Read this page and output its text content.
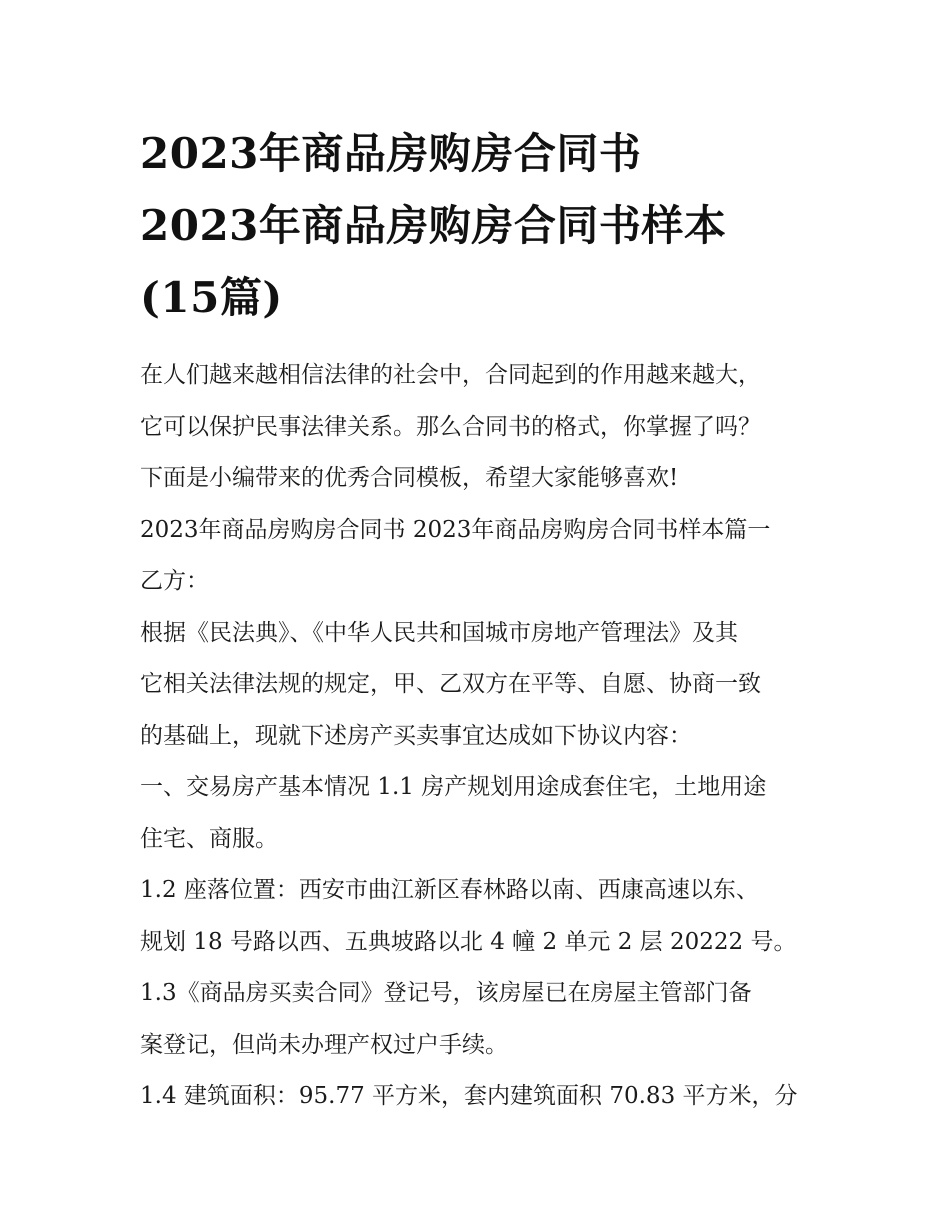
2023年商品房购房合同书
2023年商品房购房合同书样本
(15篇)

在人们越来越相信法律的社会中，合同起到的作用越来越大，

它可以保护民事法律关系。那么合同书的格式，你掌握了吗？

下面是小编带来的优秀合同模板，希望大家能够喜欢!

2023年商品房购房合同书 2023年商品房购房合同书样本篇一

乙方：

根据《民法典》、《中华人民共和国城市房地产管理法》及其

它相关法律法规的规定，甲、乙双方在平等、自愿、协商一致

的基础上，现就下述房产买卖事宜达成如下协议内容：

一、交易房产基本情况 1.1 房产规划用途成套住宅，土地用途

住宅、商服。

1.2 座落位置：西安市曲江新区春林路以南、西康高速以东、

规划 18 号路以西、五典坡路以北 4 幢 2 单元 2 层 20222 号。

1.3《商品房买卖合同》登记号，该房屋已在房屋主管部门备

案登记，但尚未办理产权过户手续。

1.4 建筑面积：95.77 平方米，套内建筑面积 70.83 平方米，分
